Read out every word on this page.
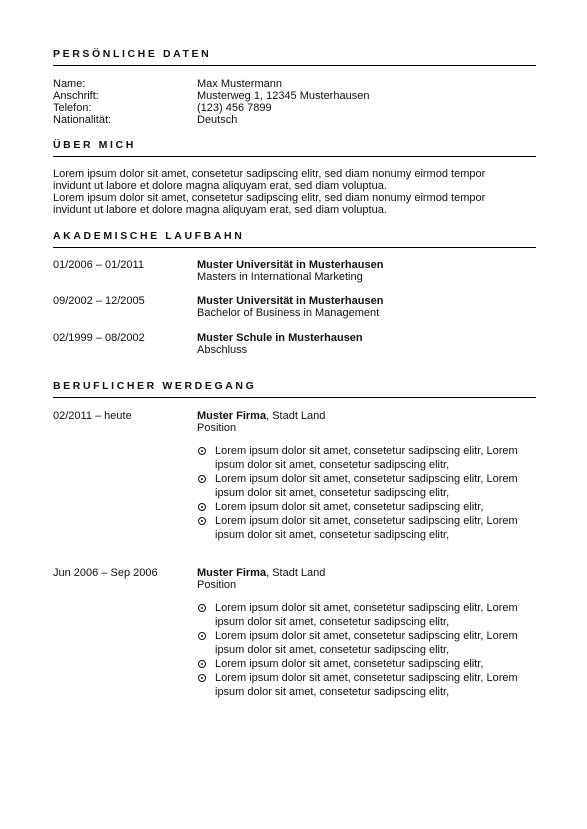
PERSÖNLICHE DATEN
Name:	Max Mustermann
Anschrift:	Musterweg 1, 12345 Musterhausen
Telefon:	(123) 456 7899
Nationalität:	Deutsch
ÜBER MICH

Lorem ipsum dolor sit amet, consetetur sadipscing elitr, sed diam nonumy eirmod tempor

invidunt ut labore et dolore magna aliquyam erat, sed diam voluptua.

Lorem ipsum dolor sit amet, consetetur sadipscing elitr, sed diam nonumy eirmod tempor

invidunt ut labore et dolore magna aliquyam erat, sed diam voluptua.

AKADEMISCHE LAUFBAHN
01/2006 – 01/2011	Muster Universität in Musterhausen
Masters in International Marketing
09/2002 – 12/2005	Muster Universität in Musterhausen
Bachelor of Business in Management
02/1999 – 08/2002	Muster Schule in Musterhausen
Abschluss
BERUFLICHER WERDEGANG
02/2011 – heute	Muster Firma, Stadt Land
Position
Lorem ipsum dolor sit amet, consetetur sadipscing elitr, Lorem
ipsum dolor sit amet, consetetur sadipscing elitr,
Lorem ipsum dolor sit amet, consetetur sadipscing elitr, Lorem
ipsum dolor sit amet, consetetur sadipscing elitr,
Lorem ipsum dolor sit amet, consetetur sadipscing elitr,
Lorem ipsum dolor sit amet, consetetur sadipscing elitr, Lorem
ipsum dolor sit amet, consetetur sadipscing elitr,
Jun 2006 – Sep 2006	Muster Firma, Stadt Land
Position
Lorem ipsum dolor sit amet, consetetur sadipscing elitr, Lorem
ipsum dolor sit amet, consetetur sadipscing elitr,
Lorem ipsum dolor sit amet, consetetur sadipscing elitr, Lorem
ipsum dolor sit amet, consetetur sadipscing elitr,
Lorem ipsum dolor sit amet, consetetur sadipscing elitr,
Lorem ipsum dolor sit amet, consetetur sadipscing elitr, Lorem
ipsum dolor sit amet, consetetur sadipscing elitr,
